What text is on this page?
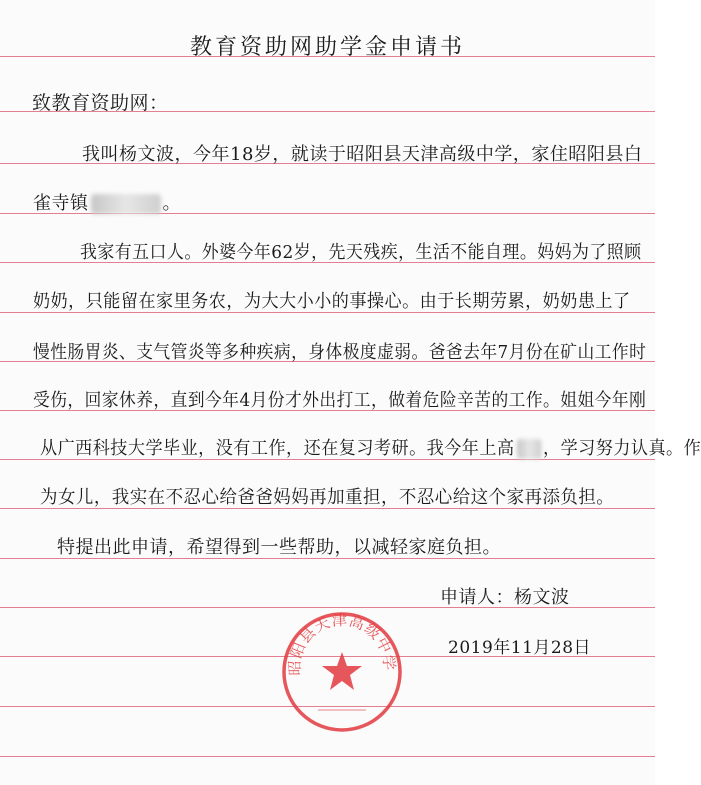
教育资助网助学金申请书
致教育资助网：
我叫杨文波，今年18岁，就读于昭阳县天津高级中学，家住昭阳县白
雀寺镇	。
我家有五口人。外婆今年62岁，先天残疾，生活不能自理。妈妈为了照顾
奶奶，只能留在家里务农，为大大小小的事操心。由于长期劳累，奶奶患上了
慢性肠胃炎、支气管炎等多种疾病，身体极度虚弱。爸爸去年7月份在矿山工作时
受伤，回家休养，直到今年4月份才外出打工，做着危险辛苦的工作。姐姐今年刚
从广西科技大学毕业，没有工作，还在复习考研。我今年上高 ，学习努力认真。作
为女儿，我实在不忍心给爸爸妈妈再加重担，不忍心给这个家再添负担。
特提出此申请，希望得到一些帮助，以减轻家庭负担。
申请人：杨文波
2019年11月28日
昭阳县天津高级中学
